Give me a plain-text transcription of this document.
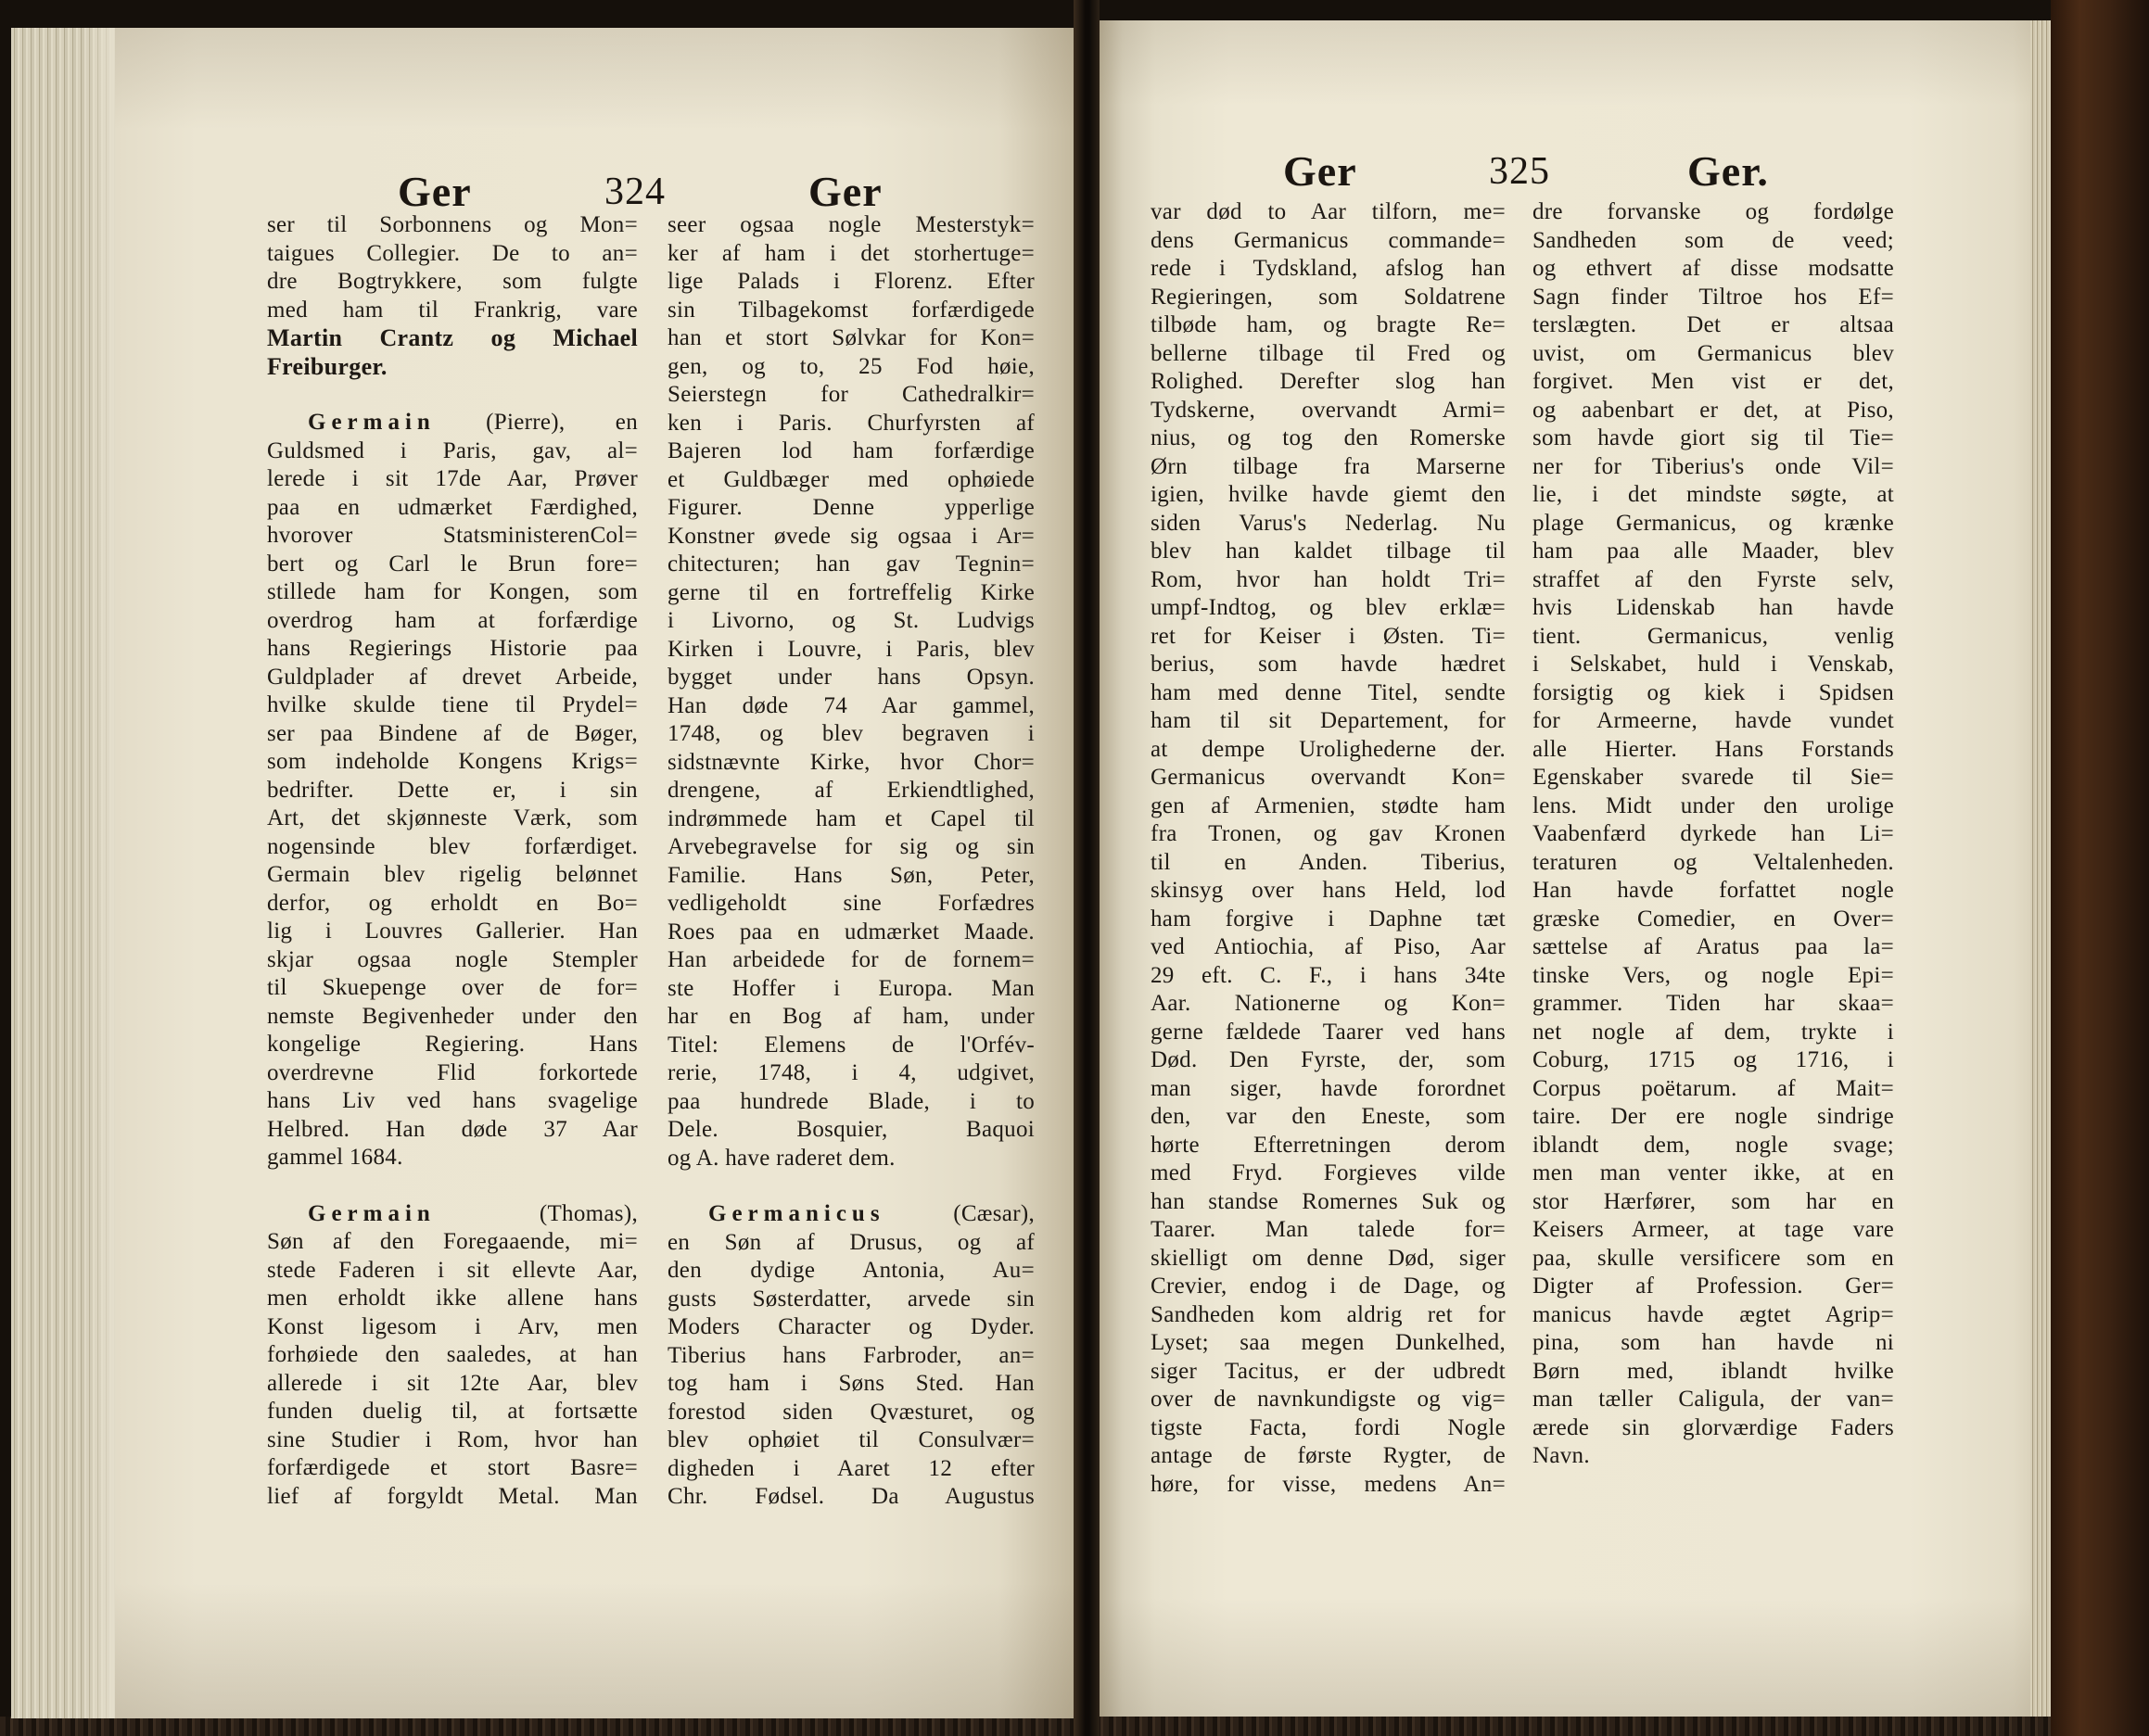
Ger	324	Ger
ser til Sorbonnens og Mon=
taigues Collegier. De to an=
dre Bogtrykkere, som fulgte
med ham til Frankrig, vare
Martin Crantz og Michael
Freiburger.
Germain (Pierre), en
Guldsmed i Paris, gav, al=
lerede i sit 17de Aar, Prøver
paa en udmærket Færdighed,
hvorover StatsministerenCol=
bert og Carl le Brun fore=
stillede ham for Kongen, som
overdrog ham at forfærdige
hans Regierings Historie paa
Guldplader af drevet Arbeide,
hvilke skulde tiene til Prydel=
ser paa Bindene af de Bøger,
som indeholde Kongens Krigs=
bedrifter. Dette er, i sin
Art, det skjønneste Værk, som
nogensinde blev forfærdiget.
Germain blev rigelig belønnet
derfor, og erholdt en Bo=
lig i Louvres Gallerier. Han
skjar ogsaa nogle Stempler
til Skuepenge over de for=
nemste Begivenheder under den
kongelige Regiering. Hans
overdrevne Flid forkortede
hans Liv ved hans svagelige
Helbred. Han døde 37 Aar
gammel 1684.
Germain (Thomas),
Søn af den Foregaaende, mi=
stede Faderen i sit ellevte Aar,
men erholdt ikke allene hans
Konst ligesom i Arv, men
forhøiede den saaledes, at han
allerede i sit 12te Aar, blev
funden duelig til, at fortsætte
sine Studier i Rom, hvor han
forfærdigede et stort Basre=
lief af forgyldt Metal. Man
seer ogsaa nogle Mesterstyk=
ker af ham i det storhertuge=
lige Palads i Florenz. Efter
sin Tilbagekomst forfærdigede
han et stort Sølvkar for Kon=
gen, og to, 25 Fod høie,
Seierstegn for Cathedralkir=
ken i Paris. Churfyrsten af
Bajeren lod ham forfærdige
et Guldbæger med ophøiede
Figurer. Denne ypperlige
Konstner øvede sig ogsaa i Ar=
chitecturen; han gav Tegnin=
gerne til en fortreffelig Kirke
i Livorno, og St. Ludvigs
Kirken i Louvre, i Paris, blev
bygget under hans Opsyn.
Han døde 74 Aar gammel,
1748, og blev begraven i
sidstnævnte Kirke, hvor Chor=
drengene, af Erkiendtlighed,
indrømmede ham et Capel til
Arvebegravelse for sig og sin
Familie. Hans Søn, Peter,
vedligeholdt sine Forfædres
Roes paa en udmærket Maade.
Han arbeidede for de fornem=
ste Hoffer i Europa. Man
har en Bog af ham, under
Titel: Elemens de l'Orfév-
rerie, 1748, i 4, udgivet,
paa hundrede Blade, i to
Dele. Bosquier, Baquoi
og A. have raderet dem.
Germanicus (Cæsar),
en Søn af Drusus, og af
den dydige Antonia, Au=
gusts Søsterdatter, arvede sin
Moders Character og Dyder.
Tiberius hans Farbroder, an=
tog ham i Søns Sted. Han
forestod siden Qvæsturet, og
blev ophøiet til Consulvær=
digheden i Aaret 12 efter
Chr. Fødsel. Da Augustus
Ger	325	Ger.
var død to Aar tilforn, me=
dens Germanicus commande=
rede i Tydskland, afslog han
Regieringen, som Soldatrene
tilbøde ham, og bragte Re=
bellerne tilbage til Fred og
Rolighed. Derefter slog han
Tydskerne, overvandt Armi=
nius, og tog den Romerske
Ørn tilbage fra Marserne
igien, hvilke havde giemt den
siden Varus's Nederlag. Nu
blev han kaldet tilbage til
Rom, hvor han holdt Tri=
umpf-Indtog, og blev erklæ=
ret for Keiser i Østen. Ti=
berius, som havde hædret
ham med denne Titel, sendte
ham til sit Departement, for
at dempe Urolighederne der.
Germanicus overvandt Kon=
gen af Armenien, stødte ham
fra Tronen, og gav Kronen
til en Anden. Tiberius,
skinsyg over hans Held, lod
ham forgive i Daphne tæt
ved Antiochia, af Piso, Aar
29 eft. C. F., i hans 34te
Aar. Nationerne og Kon=
gerne fældede Taarer ved hans
Død. Den Fyrste, der, som
man siger, havde forordnet
den, var den Eneste, som
hørte Efterretningen derom
med Fryd. Forgieves vilde
han standse Romernes Suk og
Taarer. Man talede for=
skielligt om denne Død, siger
Crevier, endog i de Dage, og
Sandheden kom aldrig ret for
Lyset; saa megen Dunkelhed,
siger Tacitus, er der udbredt
over de navnkundigste og vig=
tigste Facta, fordi Nogle
antage de første Rygter, de
høre, for visse, medens An=
dre forvanske og fordølge
Sandheden som de veed;
og ethvert af disse modsatte
Sagn finder Tiltroe hos Ef=
terslægten. Det er altsaa
uvist, om Germanicus blev
forgivet. Men vist er det,
og aabenbart er det, at Piso,
som havde giort sig til Tie=
ner for Tiberius's onde Vil=
lie, i det mindste søgte, at
plage Germanicus, og krænke
ham paa alle Maader, blev
straffet af den Fyrste selv,
hvis Lidenskab han havde
tient. Germanicus, venlig
i Selskabet, huld i Venskab,
forsigtig og kiek i Spidsen
for Armeerne, havde vundet
alle Hierter. Hans Forstands
Egenskaber svarede til Sie=
lens. Midt under den urolige
Vaabenfærd dyrkede han Li=
teraturen og Veltalenheden.
Han havde forfattet nogle
græske Comedier, en Over=
sættelse af Aratus paa la=
tinske Vers, og nogle Epi=
grammer. Tiden har skaa=
net nogle af dem, trykte i
Coburg, 1715 og 1716, i
Corpus poëtarum. af Mait=
taire. Der ere nogle sindrige
iblandt dem, nogle svage;
men man venter ikke, at en
stor Hærfører, som har en
Keisers Armeer, at tage vare
paa, skulle versificere som en
Digter af Profession. Ger=
manicus havde ægtet Agrip=
pina, som han havde ni
Børn med, iblandt hvilke
man tæller Caligula, der van=
ærede sin glorværdige Faders
Navn.
